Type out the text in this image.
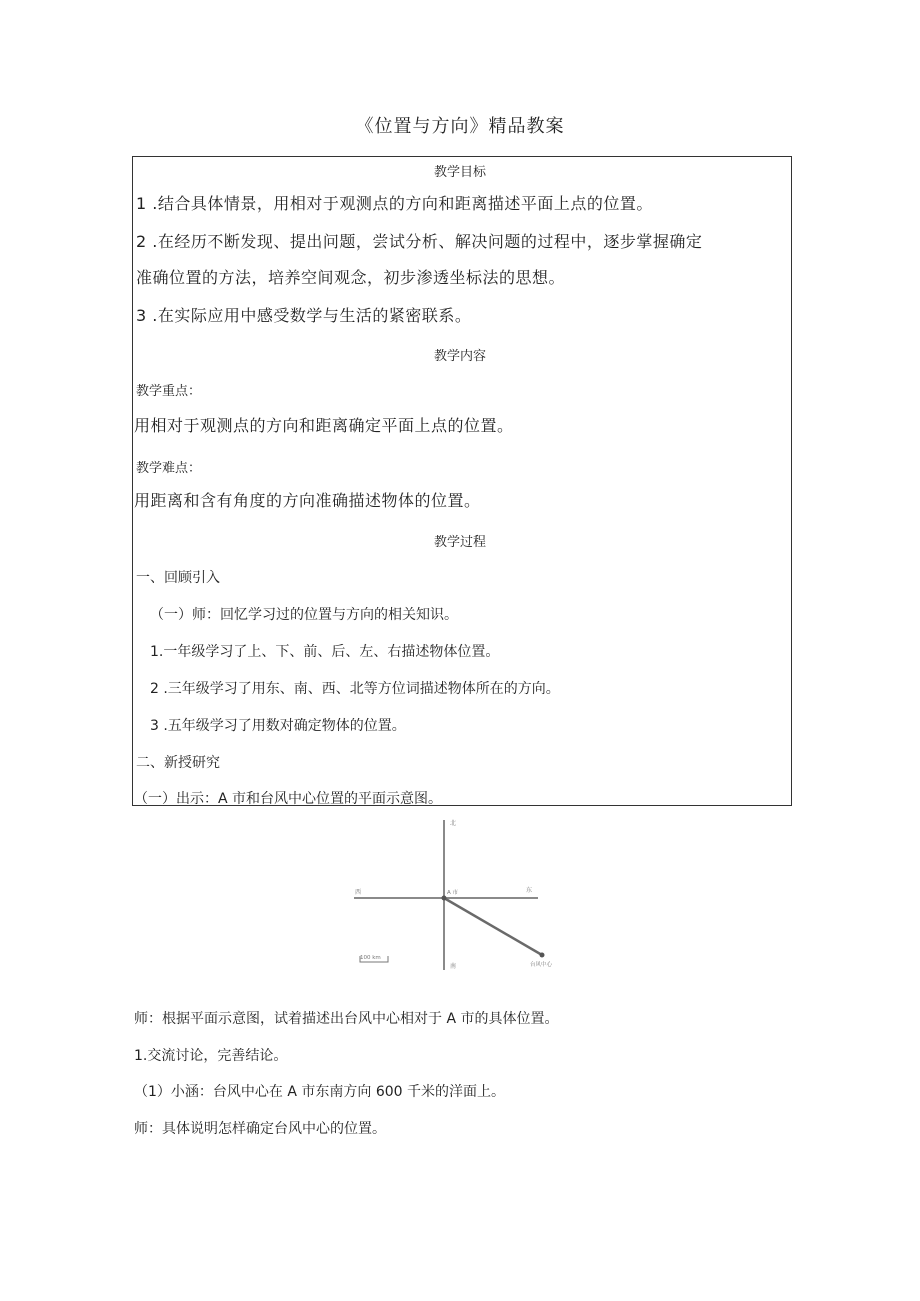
《位置与方向》精品教案
教学目标
1 .结合具体情景，用相对于观测点的方向和距离描述平面上点的位置。
2 .在经历不断发现、提出问题，尝试分析、解决问题的过程中，逐步掌握确定
准确位置的方法，培养空间观念，初步渗透坐标法的思想。
3 .在实际应用中感受数学与生活的紧密联系。
教学内容
教学重点：
用相对于观测点的方向和距离确定平面上点的位置。
教学难点：
用距离和含有角度的方向准确描述物体的位置。
教学过程
一、回顾引入
（一）师：回忆学习过的位置与方向的相关知识。
1.一年级学习了上、下、前、后、左、右描述物体位置。
2 .三年级学习了用东、南、西、北等方位词描述物体所在的方向。
3 .五年级学习了用数对确定物体的位置。
二、新授研究
（一）出示：A 市和台风中心位置的平面示意图。
北
南
东
西	A 市
台风中心
100 km
师：根据平面示意图，试着描述出台风中心相对于 A 市的具体位置。
1.交流讨论，完善结论。
（1）小涵：台风中心在 A 市东南方向 600 千米的洋面上。
师：具体说明怎样确定台风中心的位置。
